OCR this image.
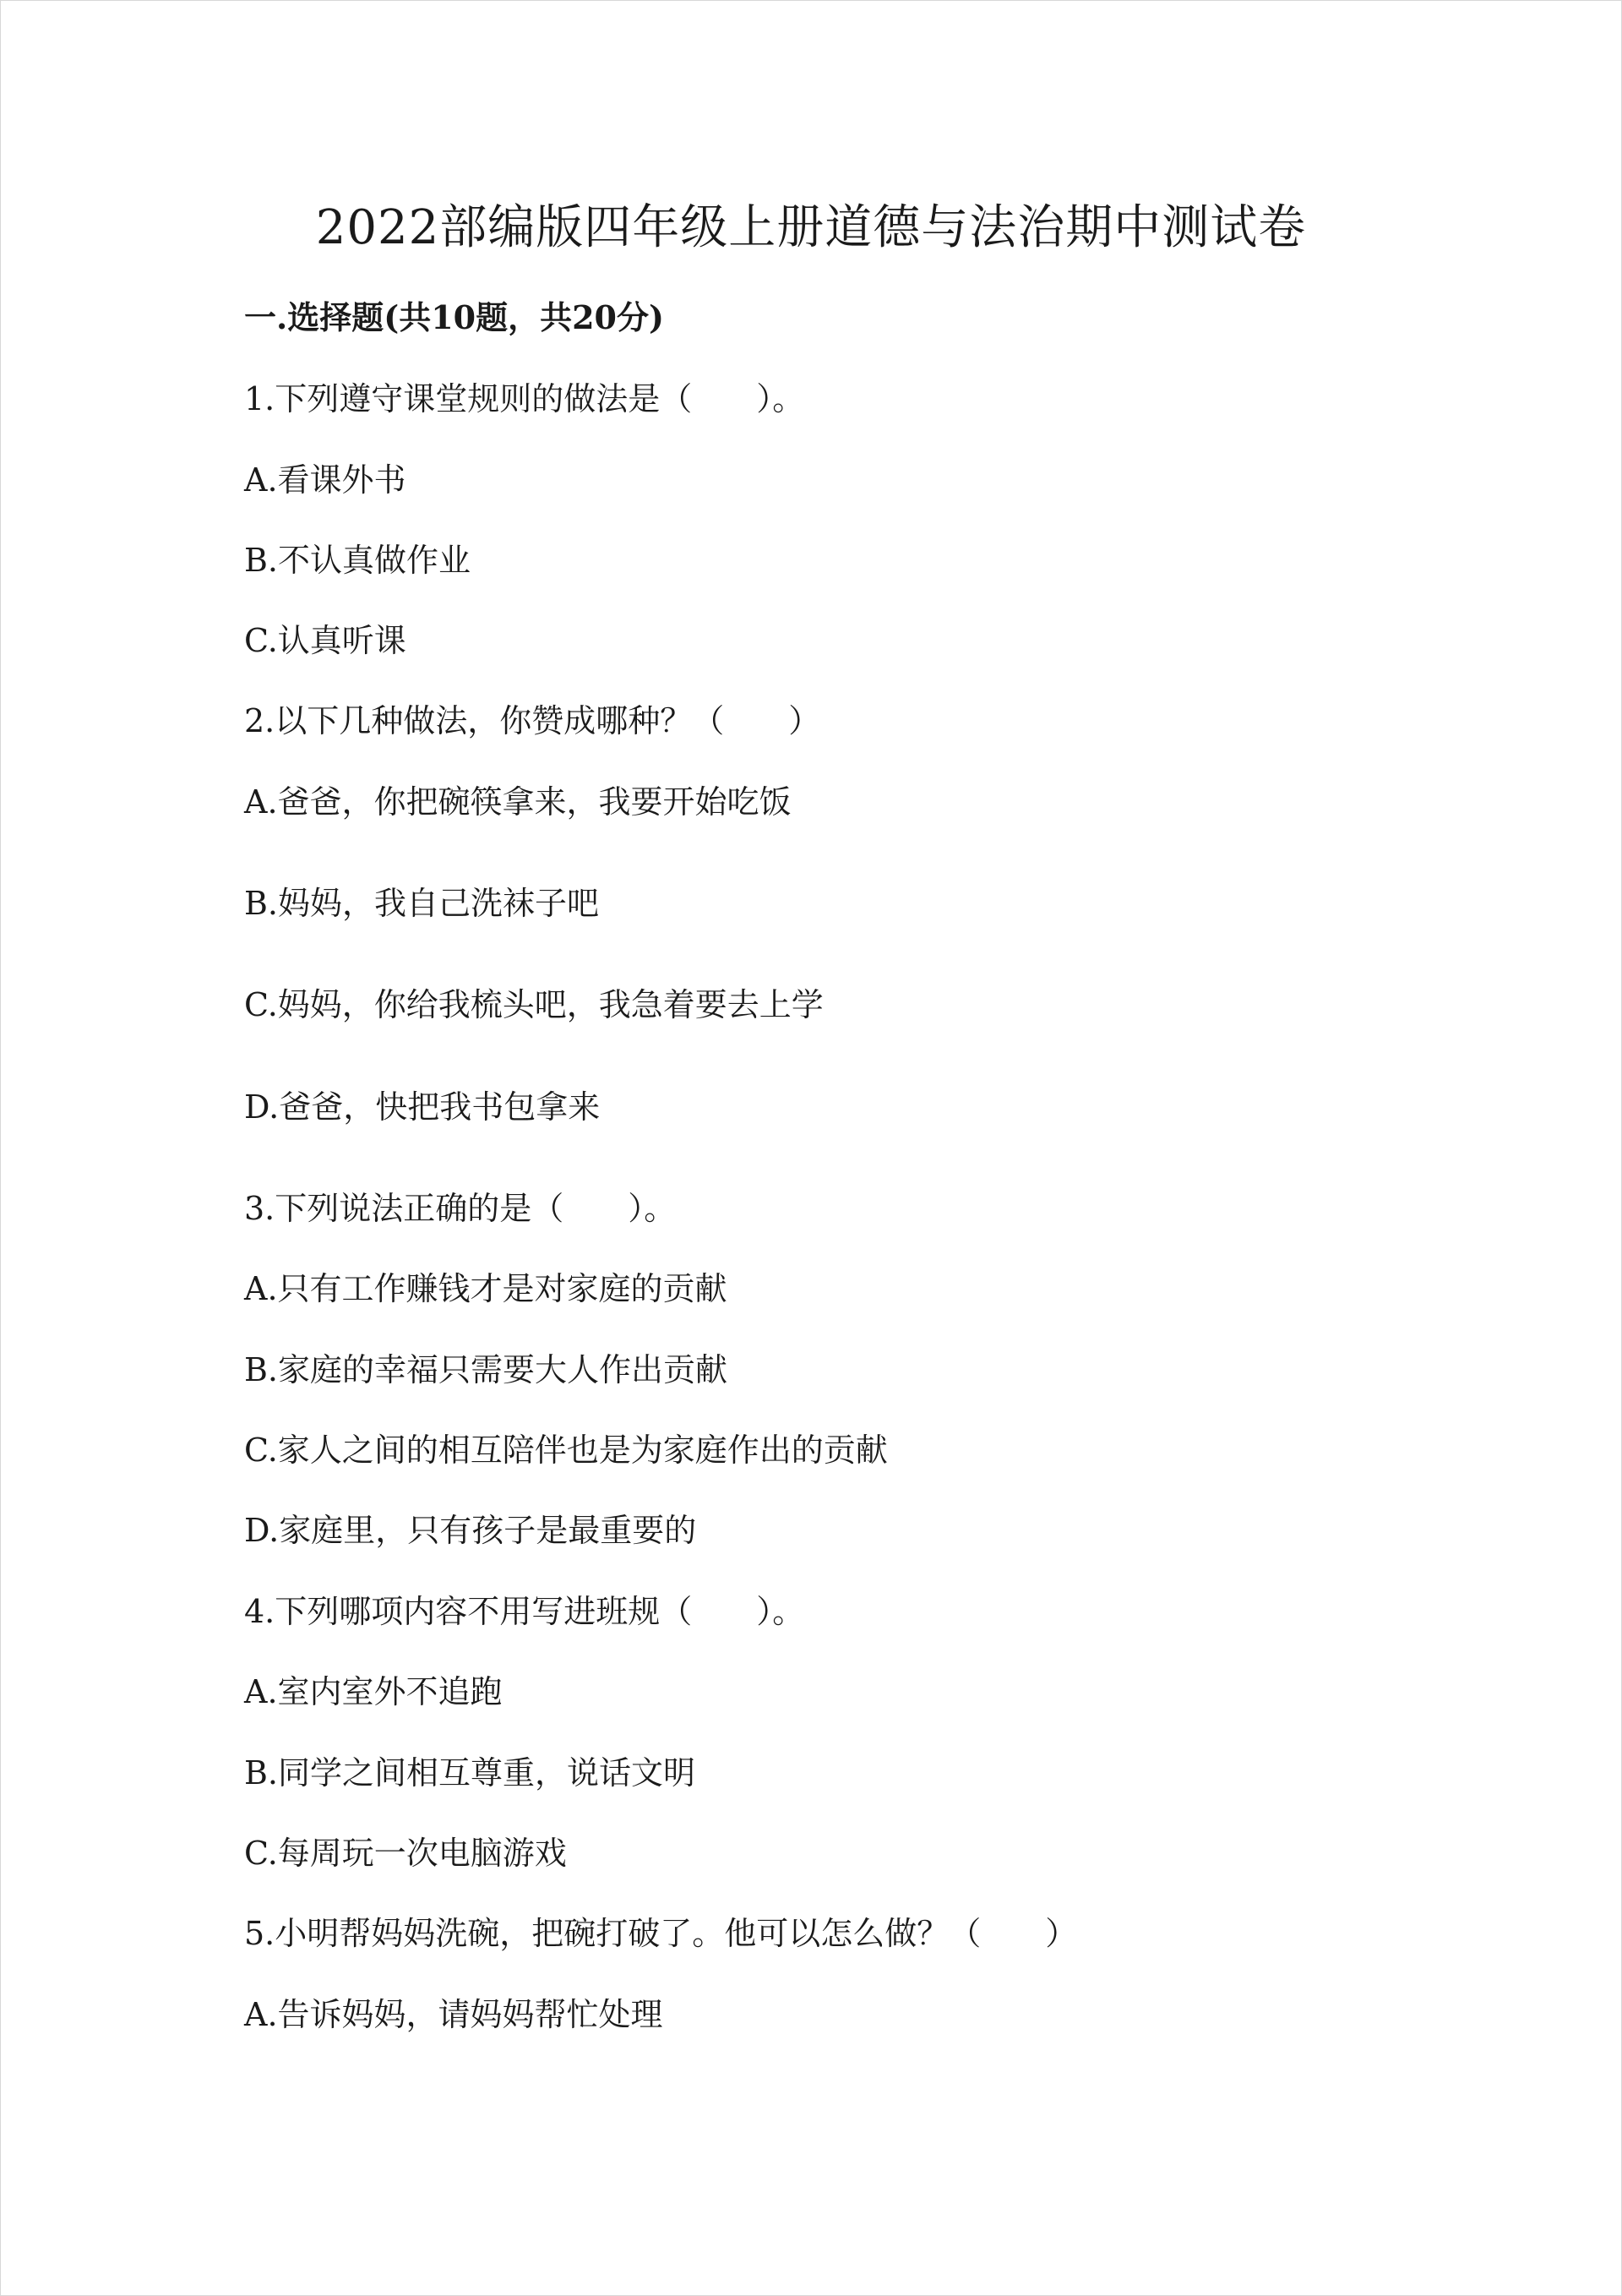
2022部编版四年级上册道德与法治期中测试卷
一.选择题(共10题，共20分)
1.下列遵守课堂规则的做法是（　　）。
A.看课外书
B.不认真做作业
C.认真听课
2.以下几种做法，你赞成哪种？（　　）
A.爸爸，你把碗筷拿来，我要开始吃饭
B.妈妈，我自己洗袜子吧
C.妈妈，你给我梳头吧，我急着要去上学
D.爸爸，快把我书包拿来
3.下列说法正确的是（　　）。
A.只有工作赚钱才是对家庭的贡献
B.家庭的幸福只需要大人作出贡献
C.家人之间的相互陪伴也是为家庭作出的贡献
D.家庭里，只有孩子是最重要的
4.下列哪项内容不用写进班规（　　）。
A.室内室外不追跑
B.同学之间相互尊重，说话文明
C.每周玩一次电脑游戏
5.小明帮妈妈洗碗，把碗打破了。他可以怎么做？（　　）
A.告诉妈妈，请妈妈帮忙处理
